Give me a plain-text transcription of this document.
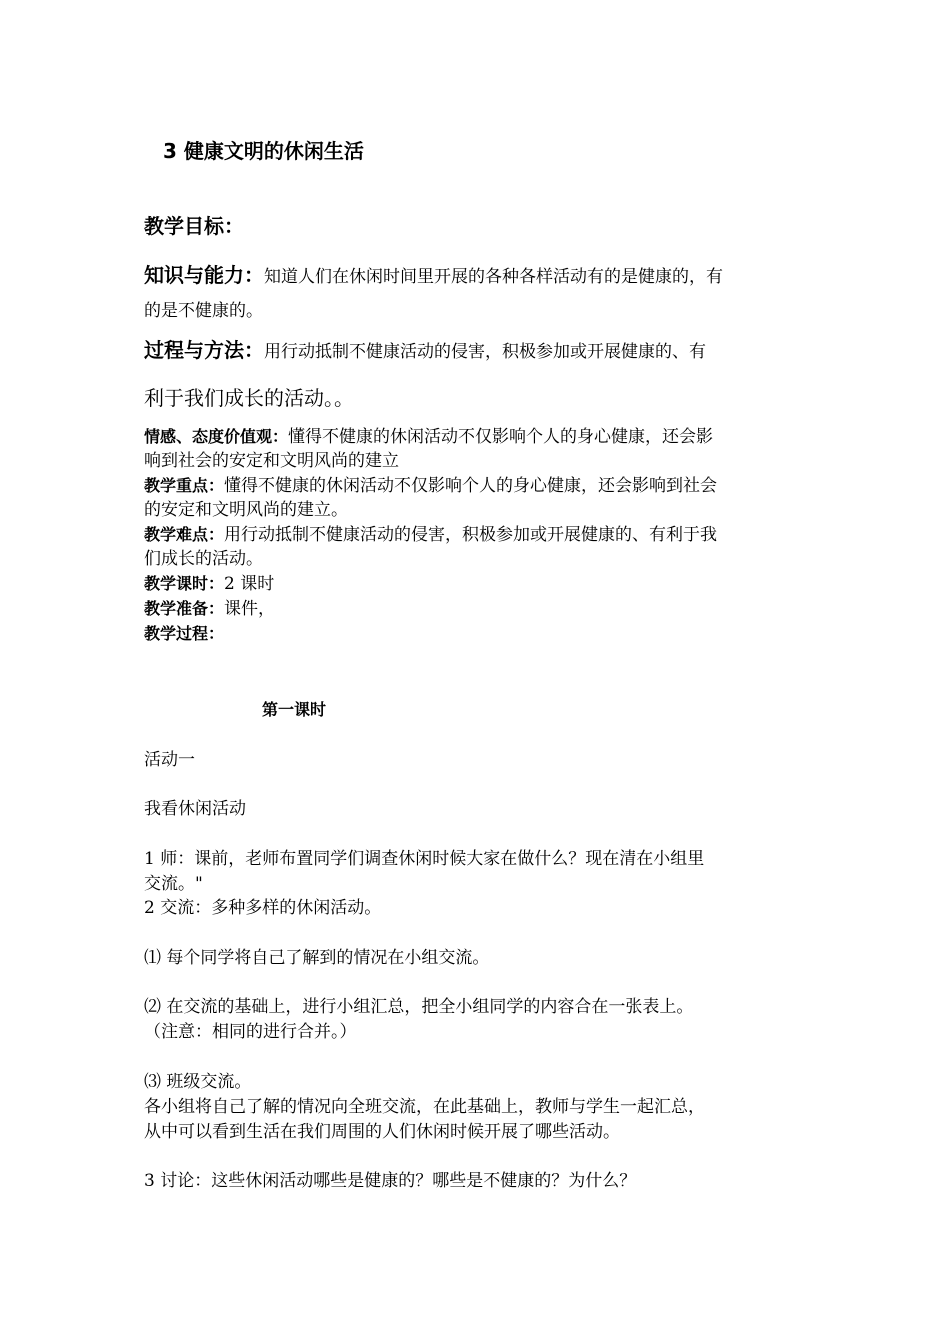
3 健康文明的休闲生活
教学目标：
知识与能力：知道人们在休闲时间里开展的各种各样活动有的是健康的，有
的是不健康的。
过程与方法：用行动抵制不健康活动的侵害，积极参加或开展健康的、有
利于我们成长的活动。。
情感、态度价值观：懂得不健康的休闲活动不仅影响个人的身心健康，还会影
响到社会的安定和文明风尚的建立
教学重点：懂得不健康的休闲活动不仅影响个人的身心健康，还会影响到社会
的安定和文明风尚的建立。
教学难点：用行动抵制不健康活动的侵害，积极参加或开展健康的、有利于我
们成长的活动。
教学课时：2 课时
教学准备：课件，
教学过程：
第一课时
活动一
我看休闲活动
1 师：课前，老师布置同学们调查休闲时候大家在做什么？现在清在小组里
交流。"
2 交流：多种多样的休闲活动。
⑴ 每个同学将自己了解到的情况在小组交流。
⑵ 在交流的基础上，进行小组汇总，把全小组同学的内容合在一张表上。
（注意：相同的进行合并。）
⑶ 班级交流。
各小组将自己了解的情况向全班交流，在此基础上，教师与学生一起汇总，
从中可以看到生活在我们周围的人们休闲时候开展了哪些活动。
3 讨论：这些休闲活动哪些是健康的？哪些是不健康的？为什么？
